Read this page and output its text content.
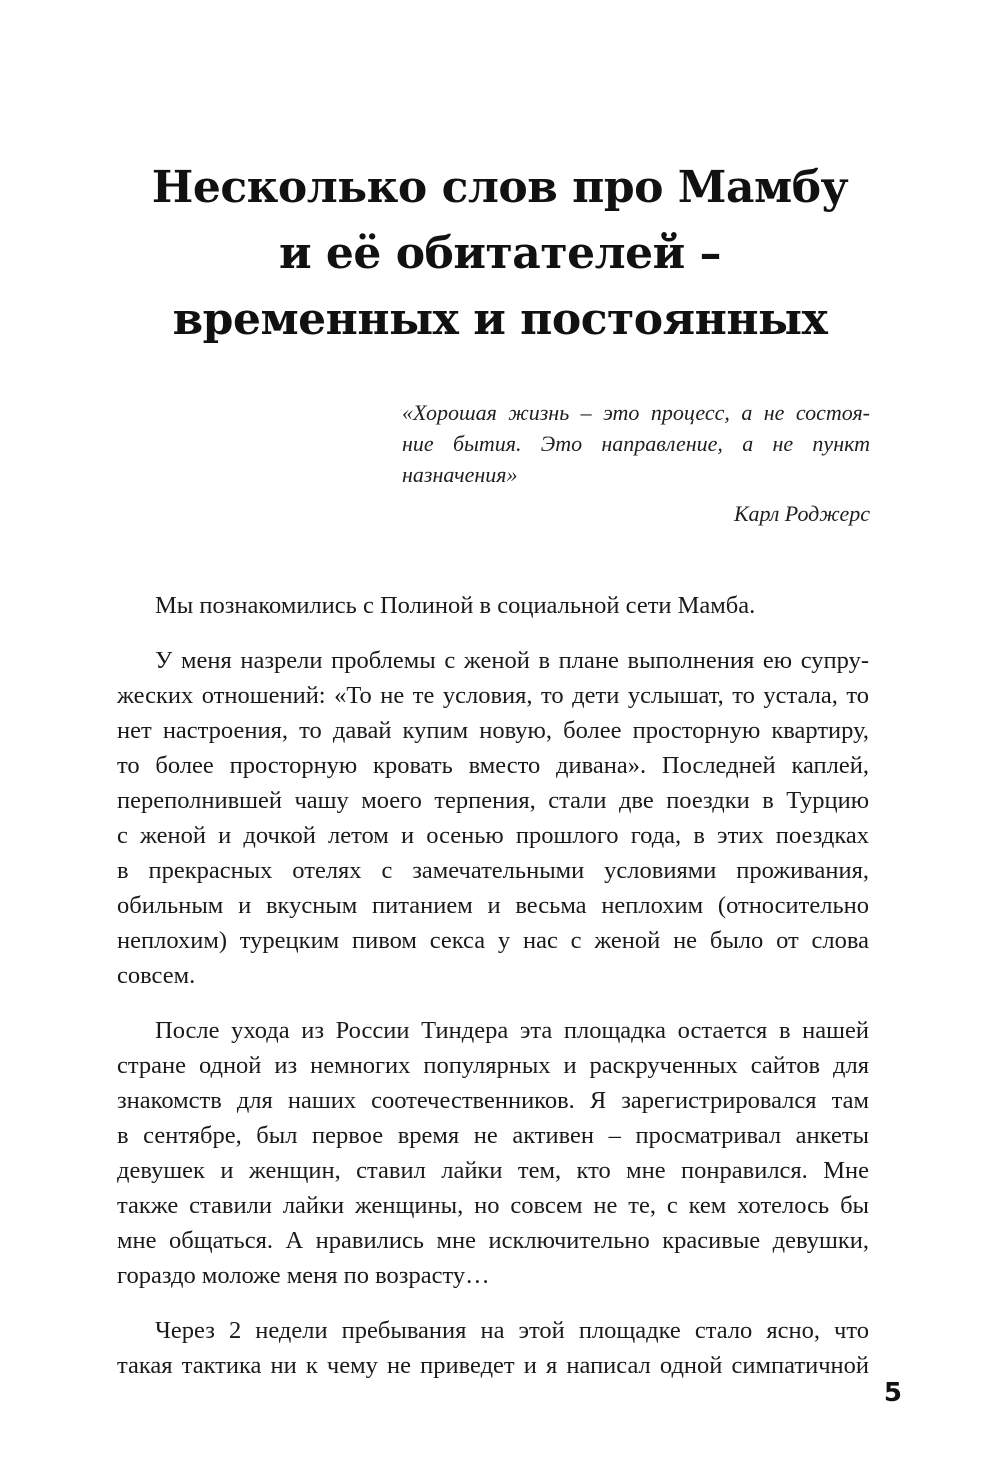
Несколько слов про Мамбу
и её обитателей –
временных и постоянных
«Хорошая жизнь – это процесс, а не состоя-
ние бытия. Это направление, а не пункт
назначения»
Карл Роджерс

Мы познакомились с Полиной в социальной сети Мамба.

У меня назрели проблемы с женой в плане выполнения ею супру-
жеских отношений: «То не те условия, то дети услышат, то устала, то
нет настроения, то давай купим новую, более просторную квартиру,
то более просторную кровать вместо дивана». Последней каплей,
переполнившей чашу моего терпения, стали две поездки в Турцию
с женой и дочкой летом и осенью прошлого года, в этих поездках
в прекрасных отелях с замечательными условиями проживания,
обильным и вкусным питанием и весьма неплохим (относительно
неплохим) турецким пивом секса у нас с женой не было от слова
совсем.

После ухода из России Тиндера эта площадка остается в нашей
стране одной из немногих популярных и раскрученных сайтов для
знакомств для наших соотечественников. Я зарегистрировался там
в сентябре, был первое время не активен – просматривал анкеты
девушек и женщин, ставил лайки тем, кто мне понравился. Мне
также ставили лайки женщины, но совсем не те, с кем хотелось бы
мне общаться. А нравились мне исключительно красивые девушки,
гораздо моложе меня по возрасту…

Через 2 недели пребывания на этой площадке стало ясно, что
такая тактика ни к чему не приведет и я написал одной симпатичной

5
